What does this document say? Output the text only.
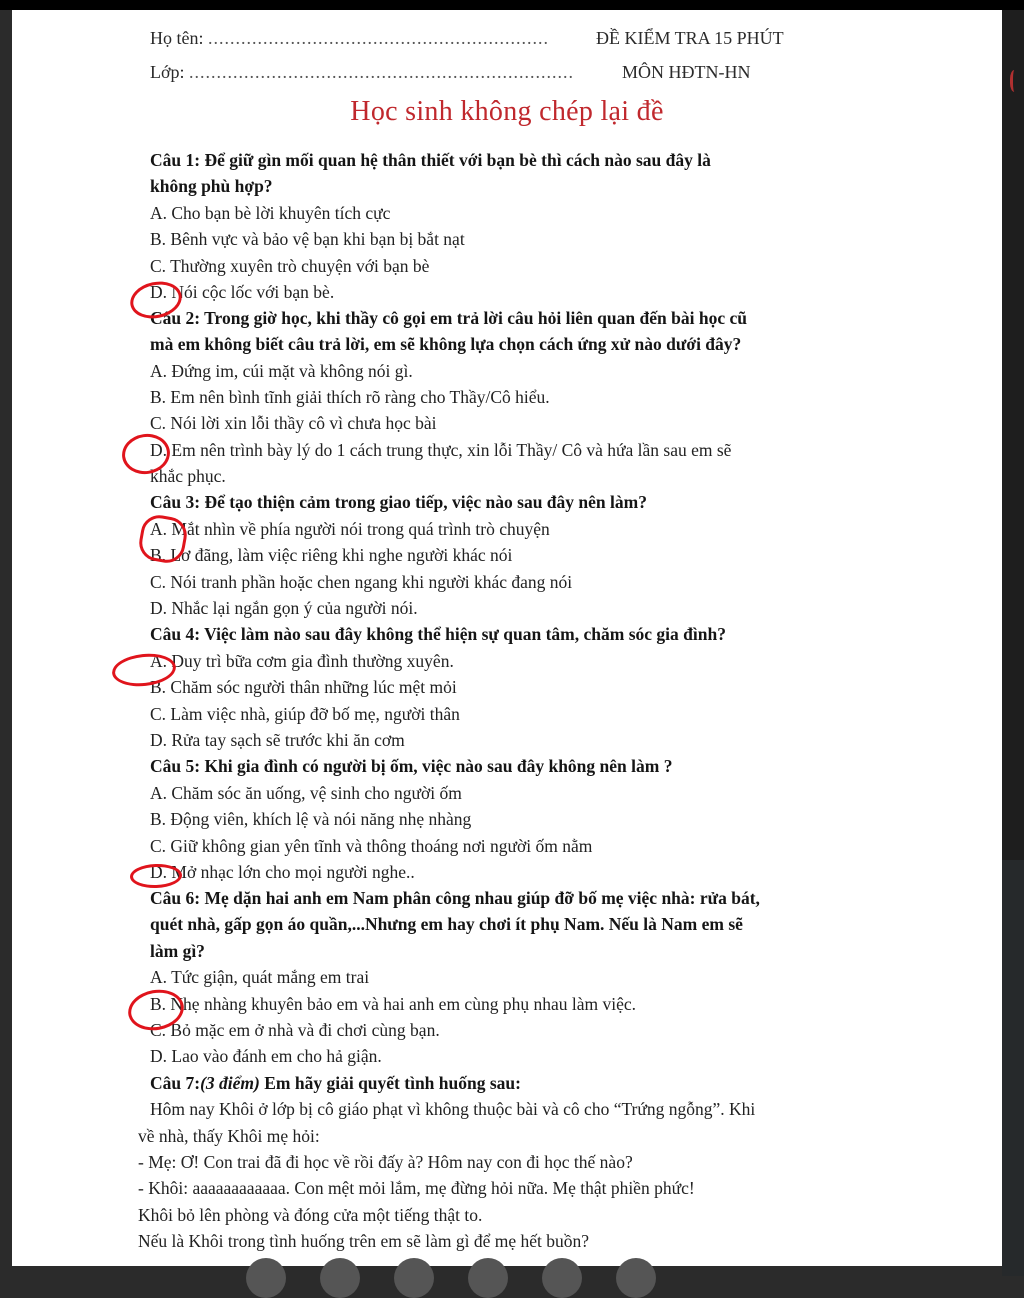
Họ tên: ..............................................................	ĐỀ KIỂM TRA 15 PHÚT
Lớp: ......................................................................	MÔN HĐTN-HN
Học sinh không chép lại đề
Câu 1: Để giữ gìn mối quan hệ thân thiết với bạn bè thì cách nào sau đây là
không phù hợp?
A. Cho bạn bè lời khuyên tích cực
B. Bênh vực và bảo vệ bạn khi bạn bị bắt nạt
C. Thường xuyên trò chuyện với bạn bè
D. Nói cộc lốc với bạn bè.
Câu 2: Trong giờ học, khi thầy cô gọi em trả lời câu hỏi liên quan đến bài học cũ
mà em không biết câu trả lời, em sẽ không lựa chọn cách ứng xử nào dưới đây?
A. Đứng im, cúi mặt và không nói gì.
B. Em nên bình tĩnh giải thích rõ ràng cho Thầy/Cô hiểu.
C. Nói lời xin lỗi thầy cô vì chưa học bài
D. Em nên trình bày lý do 1 cách trung thực, xin lỗi Thầy/ Cô và hứa lần sau em sẽ
khắc phục.
Câu 3: Để tạo thiện cảm trong giao tiếp, việc nào sau đây nên làm?
A. Mắt nhìn về phía người nói trong quá trình trò chuyện
B. Lơ đãng, làm việc riêng khi nghe người khác nói
C. Nói tranh phần hoặc chen ngang khi người khác đang nói
D. Nhắc lại ngắn gọn ý của người nói.
Câu 4: Việc làm nào sau đây không thể hiện sự quan tâm, chăm sóc gia đình?
A. Duy trì bữa cơm gia đình thường xuyên.
B. Chăm sóc người thân những lúc mệt mỏi
C. Làm việc nhà, giúp đỡ bố mẹ, người thân
D. Rửa tay sạch sẽ trước khi ăn cơm
Câu 5: Khi gia đình có người bị ốm, việc nào sau đây không nên làm ?
A. Chăm sóc ăn uống, vệ sinh cho người ốm
B. Động viên, khích lệ và nói năng nhẹ nhàng
C. Giữ không gian yên tĩnh và thông thoáng nơi người ốm nằm
D. Mở nhạc lớn cho mọi người nghe..
Câu 6: Mẹ dặn hai anh em Nam phân công nhau giúp đỡ bố mẹ việc nhà: rửa bát,
quét nhà, gấp gọn áo quần,...Nhưng em hay chơi ít phụ Nam. Nếu là Nam em sẽ
làm gì?
A. Tức giận, quát mắng em trai
B. Nhẹ nhàng khuyên bảo em và hai anh em cùng phụ nhau làm việc.
C. Bỏ mặc em ở nhà và đi chơi cùng bạn.
D. Lao vào đánh em cho hả giận.
Câu 7:(3 điểm) Em hãy giải quyết tình huống sau:
Hôm nay Khôi ở lớp bị cô giáo phạt vì không thuộc bài và cô cho “Trứng ngỗng”. Khi
về nhà, thấy Khôi mẹ hỏi:
- Mẹ: Ơ! Con trai đã đi học về rồi đấy à? Hôm nay con đi học thế nào?
- Khôi: aaaaaaaaaaaa. Con mệt mỏi lắm, mẹ đừng hỏi nữa. Mẹ thật phiền phức!
Khôi bỏ lên phòng và đóng cửa một tiếng thật to.
Nếu là Khôi trong tình huống trên em sẽ làm gì để mẹ hết buồn?
